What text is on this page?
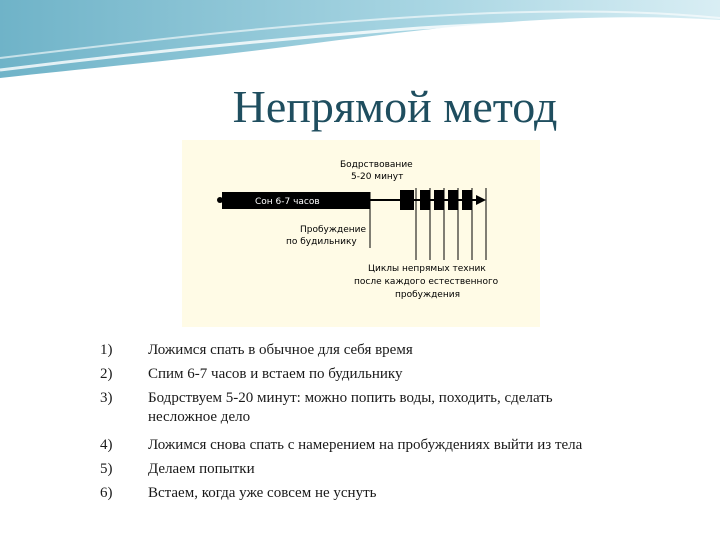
Непрямой метод
Сон 6-7 часов
Бодрствование
5-20 минут
Пробуждение
по будильнику
Циклы непрямых техник
после каждого естественного
пробуждения
1) Ложимся спать в обычное для себя время
2) Спим 6-7 часов и встаем по будильнику
3) Бодрствуем 5-20 минут: можно попить воды, походить, сделать
несложное дело
4) Ложимся снова спать с намерением на пробуждениях выйти из тела
5) Делаем попытки
6) Встаем, когда уже совсем не уснуть
